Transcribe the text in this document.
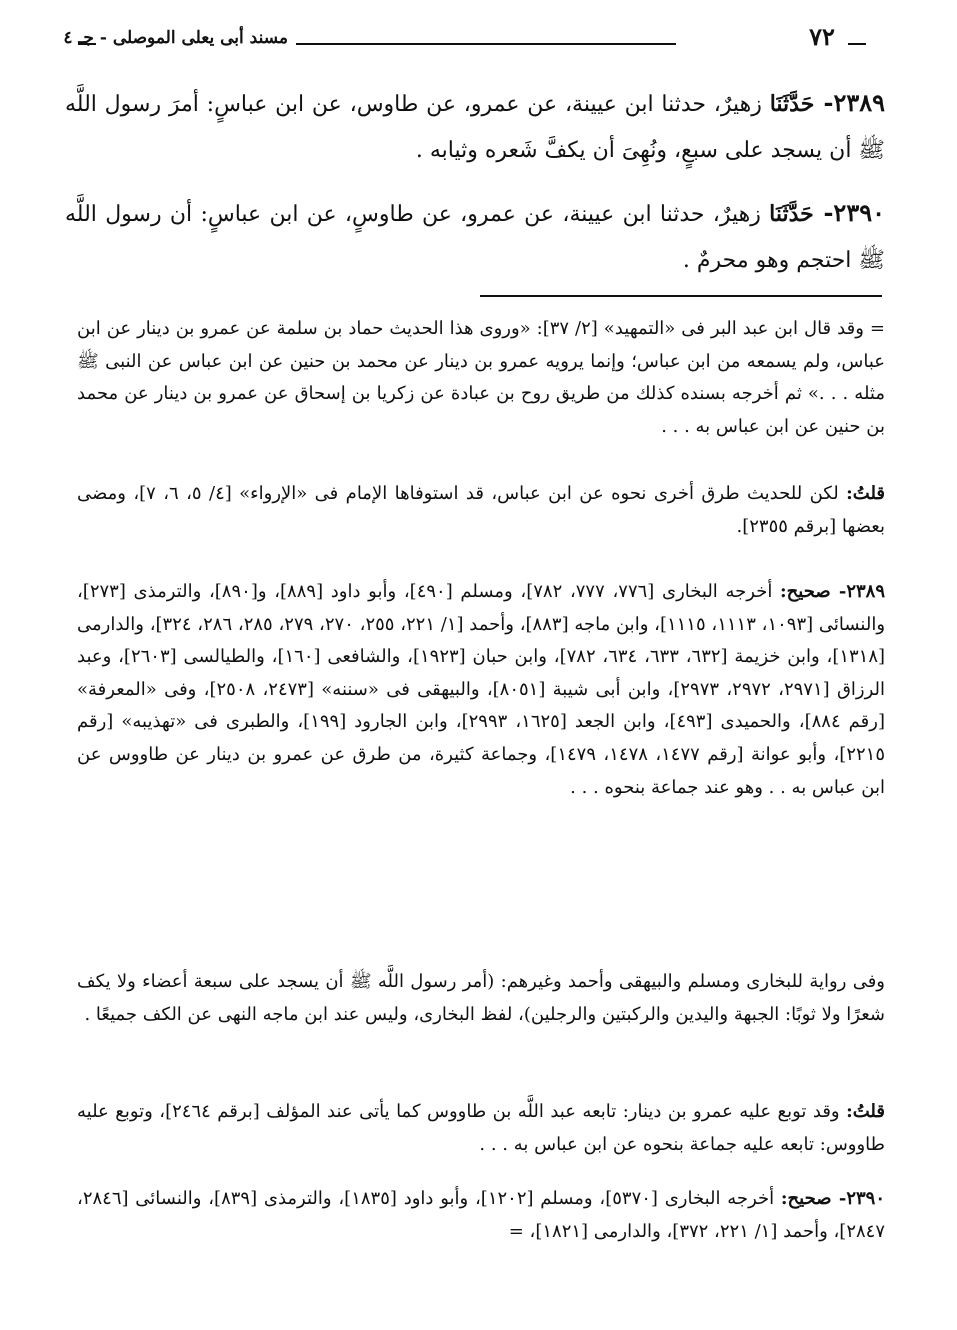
مسند أبى يعلى الموصلى - جـ ٤	٧٢

٢٣٨٩- حَدَّثَنَا زهيرٌ، حدثنا ابن عيينة، عن عمرو، عن طاوس، عن ابن عباسٍ: أمرَ رسول اللَّه ﷺ أن يسجد على سبعٍ، ونُهِىَ أن يكفَّ شَعره وثيابه .

٢٣٩٠- حَدَّثَنَا زهيرٌ، حدثنا ابن عيينة، عن عمرو، عن طاوسٍ، عن ابن عباسٍ: أن رسول اللَّه ﷺ احتجم وهو محرمٌ .

= وقد قال ابن عبد البر فى «التمهيد» [٢/ ٣٧]: «وروى هذا الحديث حماد بن سلمة عن عمرو بن دينار عن ابن عباس، ولم يسمعه من ابن عباس؛ وإنما يرويه عمرو بن دينار عن محمد بن حنين عن ابن عباس عن النبى ﷺ مثله . . .» ثم أخرجه بسنده كذلك من طريق روح بن عبادة عن زكريا بن إسحاق عن عمرو بن دينار عن محمد بن حنين عن ابن عباس به . . .

قلتُ: لكن للحديث طرق أخرى نحوه عن ابن عباس، قد استوفاها الإمام فى «الإرواء» [٤/ ٥، ٦، ٧]، ومضى بعضها [برقم ٢٣٥٥].

٢٣٨٩- صحيح: أخرجه البخارى [٧٧٦، ٧٧٧، ٧٨٢]، ومسلم [٤٩٠]، وأبو داود [٨٨٩]، و[٨٩٠]، والترمذى [٢٧٣]، والنسائى [١٠٩٣، ١١١٣، ١١١٥]، وابن ماجه [٨٨٣]، وأحمد [١/ ٢٢١، ٢٥٥، ٢٧٠، ٢٧٩، ٢٨٥، ٢٨٦، ٣٢٤]، والدارمى [١٣١٨]، وابن خزيمة [٦٣٢، ٦٣٣، ٦٣٤، ٧٨٢]، وابن حبان [١٩٢٣]، والشافعى [١٦٠]، والطيالسى [٢٦٠٣]، وعبد الرزاق [٢٩٧١، ٢٩٧٢، ٢٩٧٣]، وابن أبى شيبة [٨٠٥١]، والبيهقى فى «سننه» [٢٤٧٣، ٢٥٠٨]، وفى «المعرفة» [رقم ٨٨٤]، والحميدى [٤٩٣]، وابن الجعد [١٦٢٥، ٢٩٩٣]، وابن الجارود [١٩٩]، والطبرى فى «تهذيبه» [رقم ٢٢١٥]، وأبو عوانة [رقم ١٤٧٧، ١٤٧٨، ١٤٧٩]، وجماعة كثيرة، من طرق عن عمرو بن دينار عن طاووس عن ابن عباس به . . وهو عند جماعة بنحوه . . .

وفى رواية للبخارى ومسلم والبيهقى وأحمد وغيرهم: (أمر رسول اللَّه ﷺ أن يسجد على سبعة أعضاء ولا يكف شعرًا ولا ثوبًا: الجبهة واليدين والركبتين والرجلين)، لفظ البخارى، وليس عند ابن ماجه النهى عن الكف جميعًا .

قلتُ: وقد توبع عليه عمرو بن دينار: تابعه عبد اللَّه بن طاووس كما يأتى عند المؤلف [برقم ٢٤٦٤]، وتوبع عليه طاووس: تابعه عليه جماعة بنحوه عن ابن عباس به . . .

٢٣٩٠- صحيح: أخرجه البخارى [٥٣٧٠]، ومسلم [١٢٠٢]، وأبو داود [١٨٣٥]، والترمذى [٨٣٩]، والنسائى [٢٨٤٦، ٢٨٤٧]، وأحمد [١/ ٢٢١، ٣٧٢]، والدارمى [١٨٢١]، =
